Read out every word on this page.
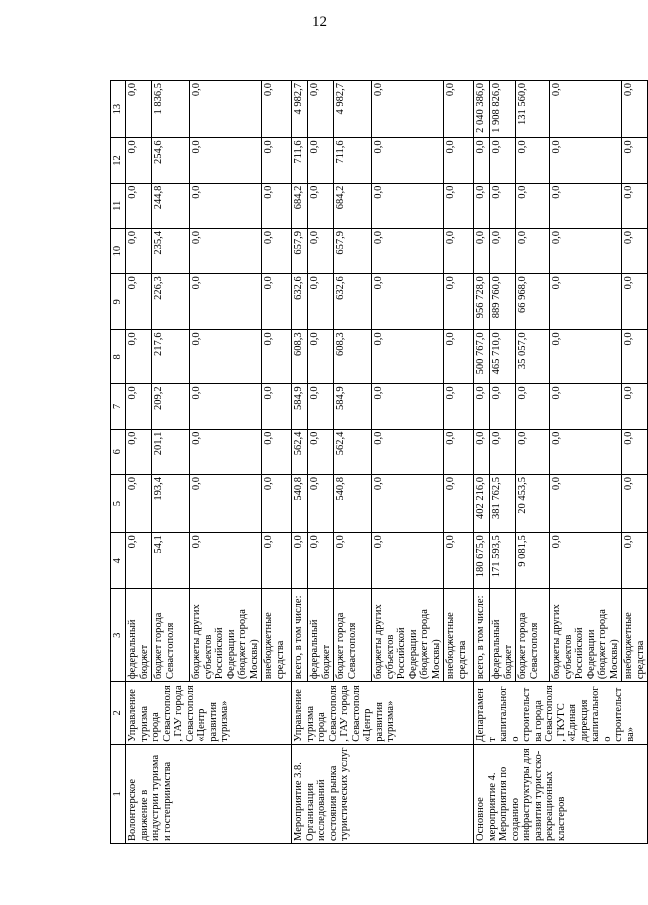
12
1	2	3	4	5	6	7	8	9	10	11	12	13
Волонтерское движение в индустрии туризма и гостеприимства	Управление туризма города Севастополя, ГАУ города Севастополя «Центр развития туризма»	федеральный бюджет	0,0	0,0	0,0	0,0	0,0	0,0	0,0	0,0	0,0	0,0
		бюджет города Севастополя	54,1	193,4	201,1	209,2	217,6	226,3	235,4	244,8	254,6	1 836,5
		бюджеты других субъектов Российской Федерации (бюджет города Москвы)	0,0	0,0	0,0	0,0	0,0	0,0	0,0	0,0	0,0	0,0
		внебюджетные средства	0,0	0,0	0,0	0,0	0,0	0,0	0,0	0,0	0,0	0,0
Мероприятие 3.8. Организация исследований состояния рынка туристических услуг	Управление туризма города Севастополя, ГАУ города Севастополя «Центр развития туризма»	всего, в том числе:	0,0	540,8	562,4	584,9	608,3	632,6	657,9	684,2	711,6	4 982,7
		федеральный бюджет	0,0	0,0	0,0	0,0	0,0	0,0	0,0	0,0	0,0	0,0
		бюджет города Севастополя	0,0	540,8	562,4	584,9	608,3	632,6	657,9	684,2	711,6	4 982,7
		бюджеты других субъектов Российской Федерации (бюджет города Москвы)	0,0	0,0	0,0	0,0	0,0	0,0	0,0	0,0	0,0	0,0
		внебюджетные средства	0,0	0,0	0,0	0,0	0,0	0,0	0,0	0,0	0,0	0,0
Основное мероприятие 4. Мероприятия по созданию инфраструктуры для развития туристско-рекреационных кластеров	Департамент капитального строительства города Севастополя, ГКУГС «Единая дирекция капитального строительства»	всего, в том числе:	180 675,0	402 216,0	0,0	0,0	500 767,0	956 728,0	0,0	0,0	0,0	2 040 386,0
		федеральный бюджет	171 593,5	381 762,5	0,0	0,0	465 710,0	889 760,0	0,0	0,0	0,0	1 908 826,0
		бюджет города Севастополя	9 081,5	20 453,5	0,0	0,0	35 057,0	66 968,0	0,0	0,0	0,0	131 560,0
		бюджеты других субъектов Российской Федерации (бюджет города Москвы)	0,0	0,0	0,0	0,0	0,0	0,0	0,0	0,0	0,0	0,0
		внебюджетные средства	0,0	0,0	0,0	0,0	0,0	0,0	0,0	0,0	0,0	0,0
